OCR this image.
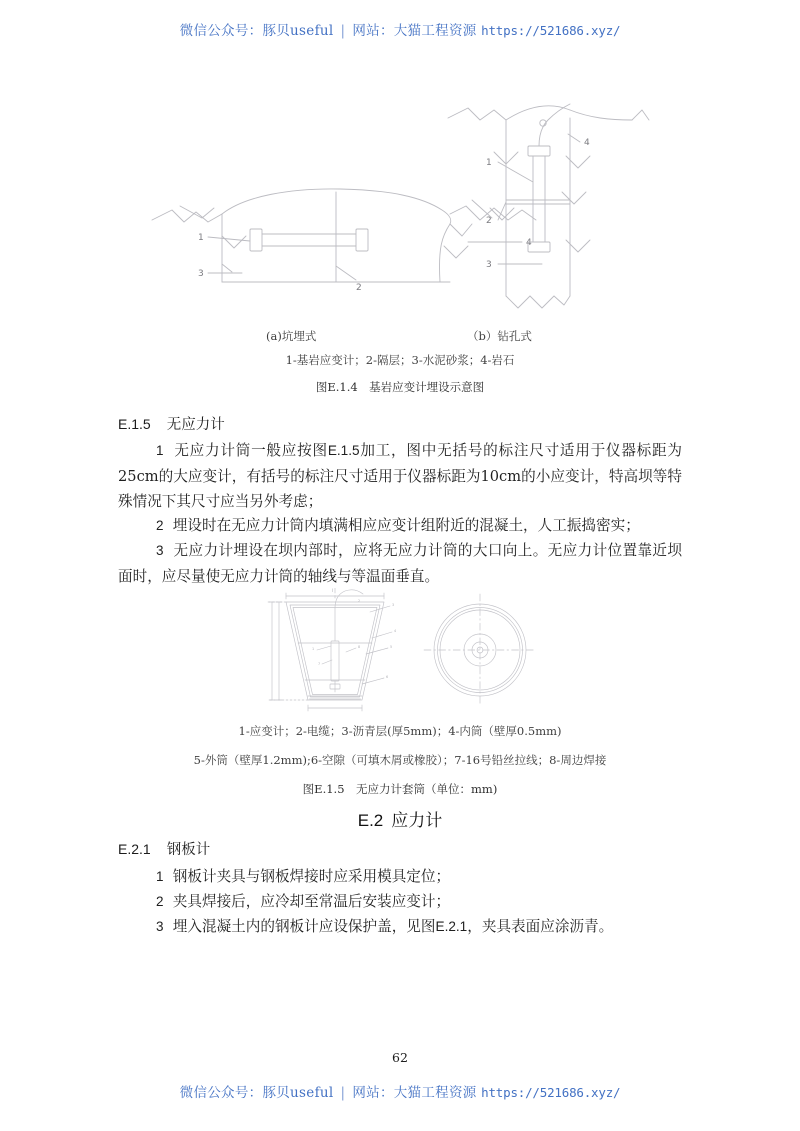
微信公众号：豚贝useful | 网站：大猫工程资源 https://521686.xyz/
1
3
2
4
1
2
3
4
(a)坑埋式	（b）钻孔式
1-基岩应变计；2-隔层；3-水泥砂浆；4-岩石
图E.1.4　基岩应变计埋设示意图
E.1.5 无应力计
1 无应力计筒一般应按图E.1.5加工，图中无括号的标注尺寸适用于仪器标距为25cm的大应变计，有括号的标注尺寸适用于仪器标距为10cm的小应变计，特高坝等特殊情况下其尺寸应当另外考虑；
2 埋设时在无应力计筒内填满相应应变计组附近的混凝土，人工振捣密实；
3 无应力计埋设在坝内部时，应将无应力计筒的大口向上。无应力计位置靠近坝面时，应尽量使无应力计筒的轴线与等温面垂直。
3
4
5
6
1
7
8
2
I
1-应变计；2-电缆；3-沥青层(厚5mm)；4-内筒（壁厚0.5mm)
5-外筒（壁厚1.2mm);6-空隙（可填木屑或橡胶）；7-16号铅丝拉线；8-周边焊接
图E.1.5　无应力计套筒（单位：mm)
E.2 应力计
E.2.1 钢板计
1 钢板计夹具与钢板焊接时应采用模具定位；
2 夹具焊接后，应冷却至常温后安装应变计；
3 埋入混凝土内的钢板计应设保护盖，见图E.2.1，夹具表面应涂沥青。
62
微信公众号：豚贝useful | 网站：大猫工程资源 https://521686.xyz/
